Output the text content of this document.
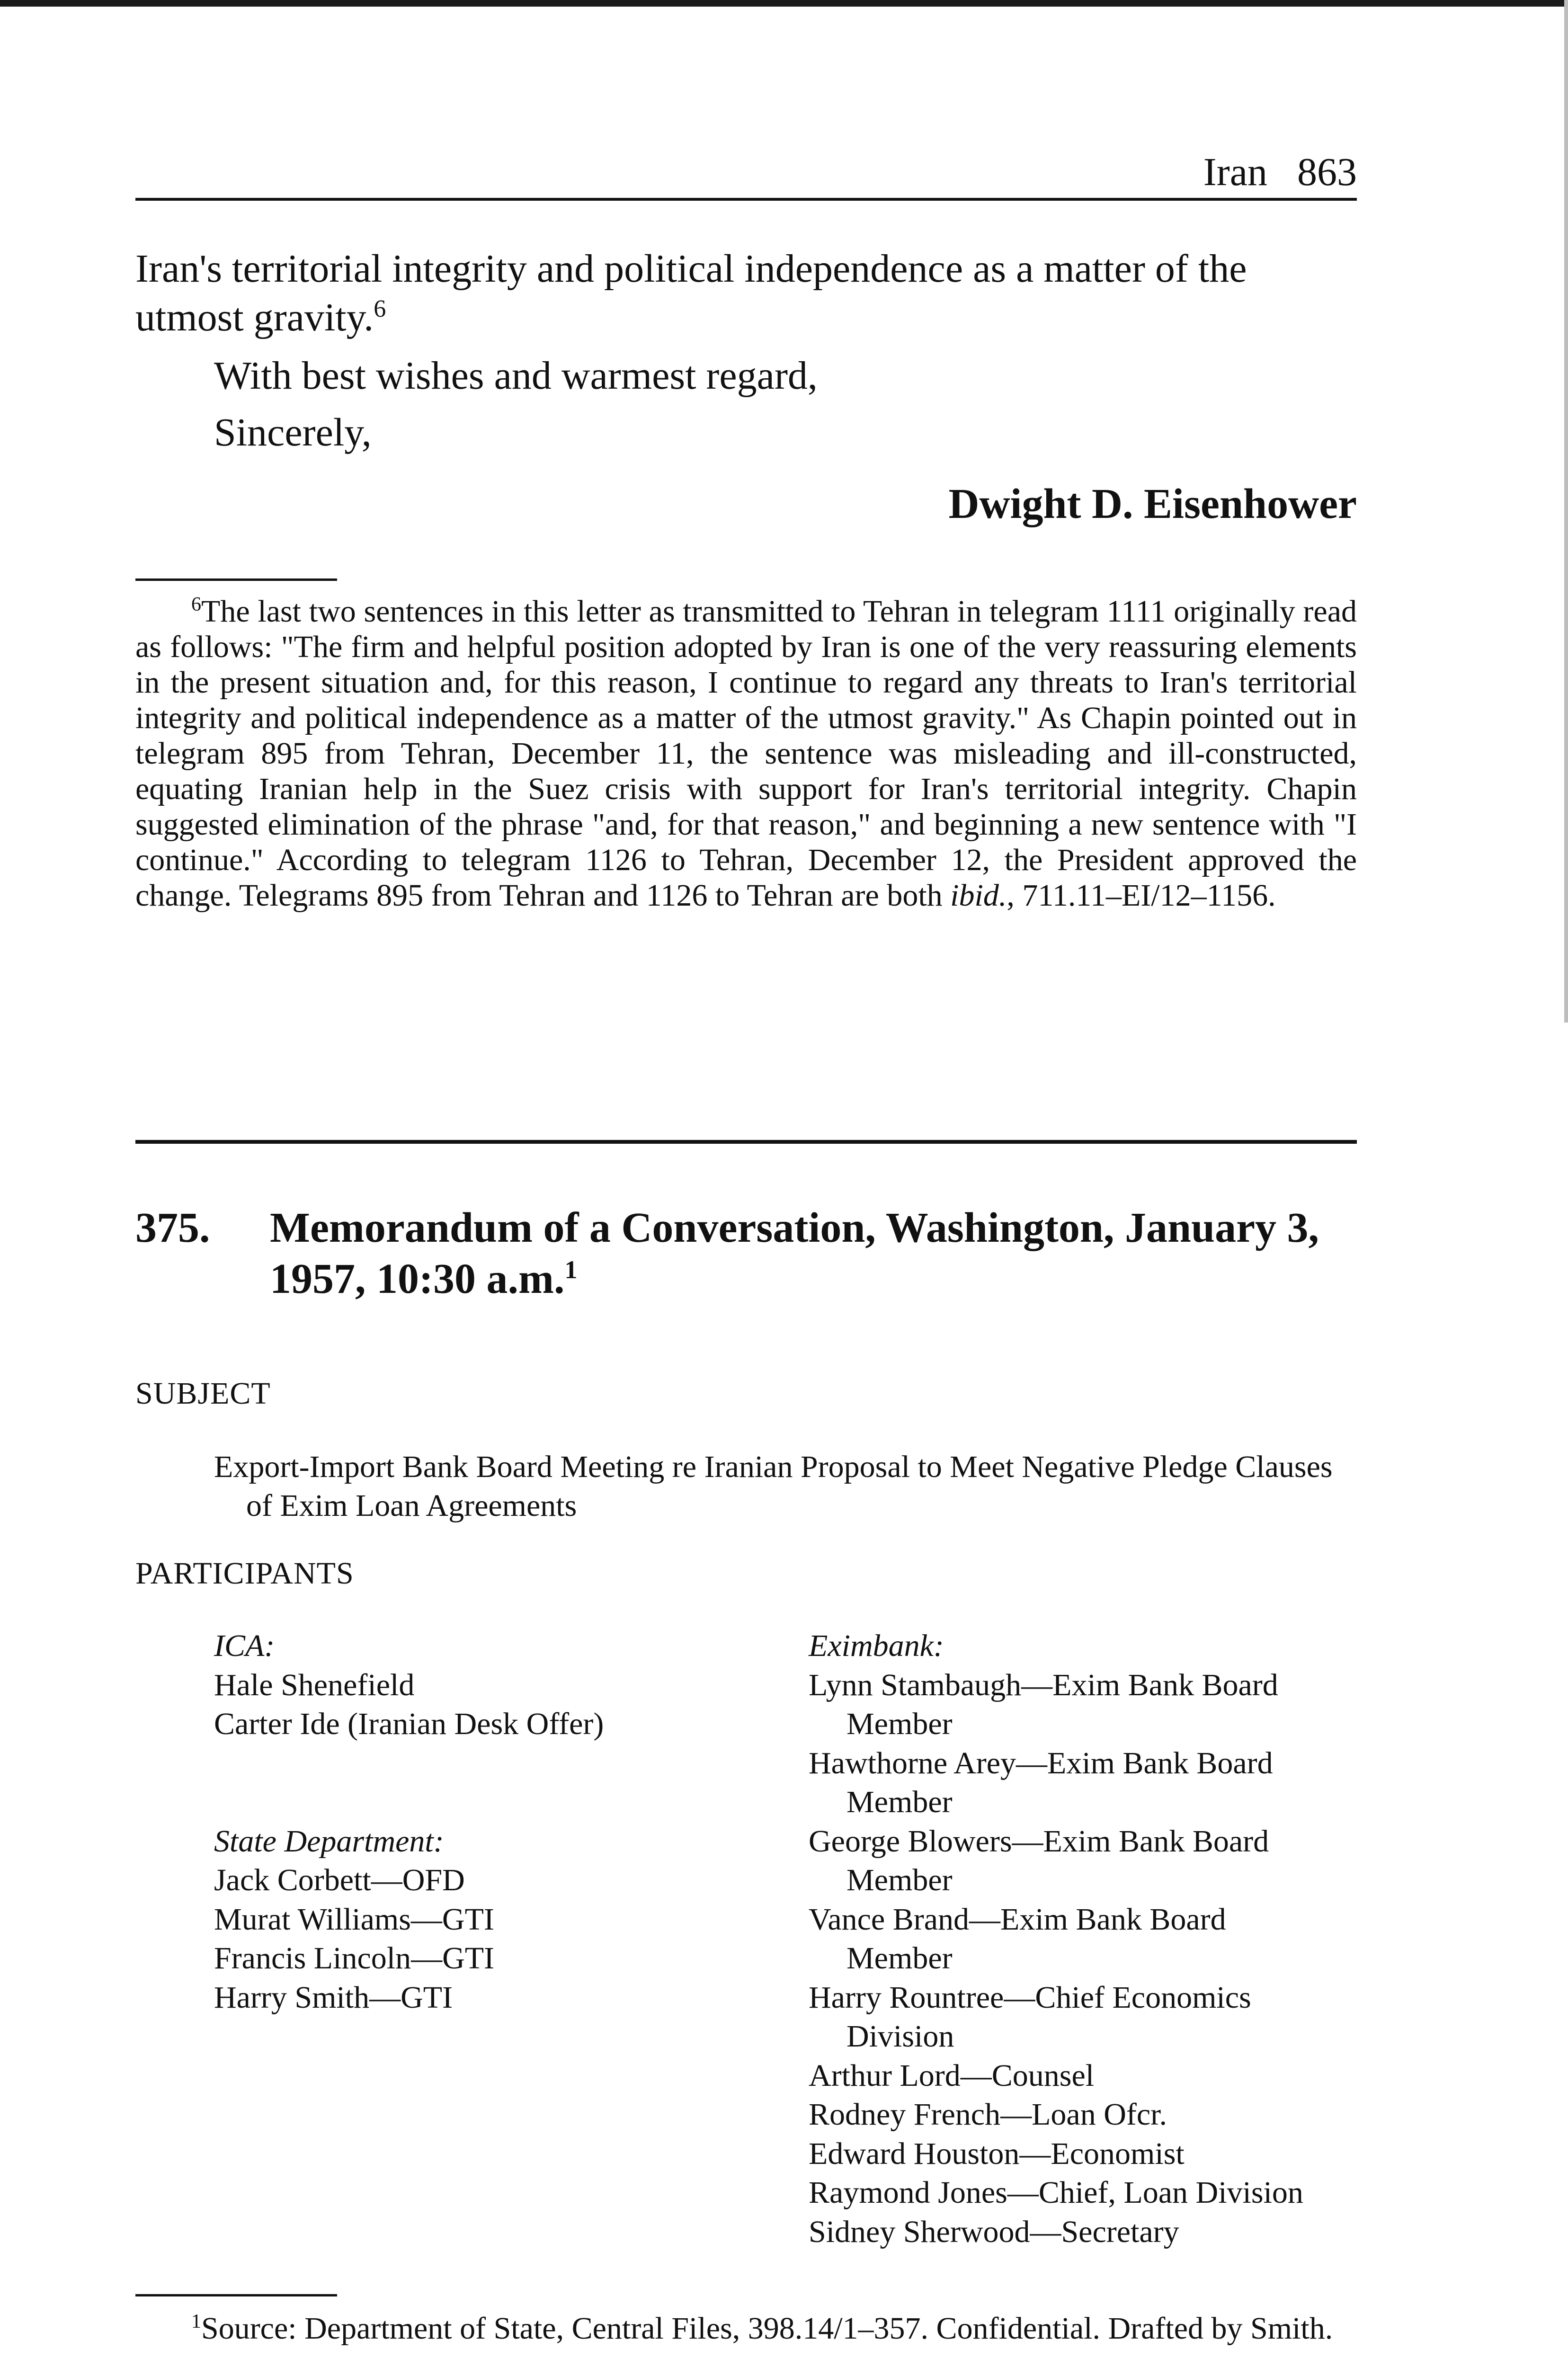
Iran 863
Iran's territorial integrity and political independence as a matter of the
utmost gravity.$^6$
With best wishes and warmest regard,
Sincerely,
Dwight D. Eisenhower
$^6$The last two sentences in this letter as transmitted to Tehran in telegram 1111 originally read as follows: "The firm and helpful position adopted by Iran is one of the very reassuring elements in the present situation and, for this reason, I continue to regard any threats to Iran's territorial integrity and political independence as a matter of the utmost gravity." As Chapin pointed out in telegram 895 from Tehran, December 11, the sentence was misleading and ill-constructed, equating Iranian help in the Suez crisis with support for Iran's territorial integrity. Chapin suggested elimination of the phrase "and, for that reason," and beginning a new sentence with "I continue." According to telegram 1126 to Tehran, December 12, the President approved the change. Telegrams 895 from Tehran and 1126 to Tehran are both ibid., 711.11–EI/12–1156.
375. Memorandum of a Conversation, Washington, January 3, 1957, 10:30 a.m.$^1$
SUBJECT
Export-Import Bank Board Meeting re Iranian Proposal to Meet Negative Pledge Clauses of Exim Loan Agreements
PARTICIPANTS
ICA:
Hale Shenefield
Carter Ide (Iranian Desk Offer)
State Department:
Jack Corbett—OFD
Murat Williams—GTI
Francis Lincoln—GTI
Harry Smith—GTI
Eximbank:
Lynn Stambaugh—Exim Bank Board
Member
Hawthorne Arey—Exim Bank Board
Member
George Blowers—Exim Bank Board
Member
Vance Brand—Exim Bank Board
Member
Harry Rountree—Chief Economics
Division
Arthur Lord—Counsel
Rodney French—Loan Ofcr.
Edward Houston—Economist
Raymond Jones—Chief, Loan Division
Sidney Sherwood—Secretary
$^1$Source: Department of State, Central Files, 398.14/1–357. Confidential. Drafted by Smith.
